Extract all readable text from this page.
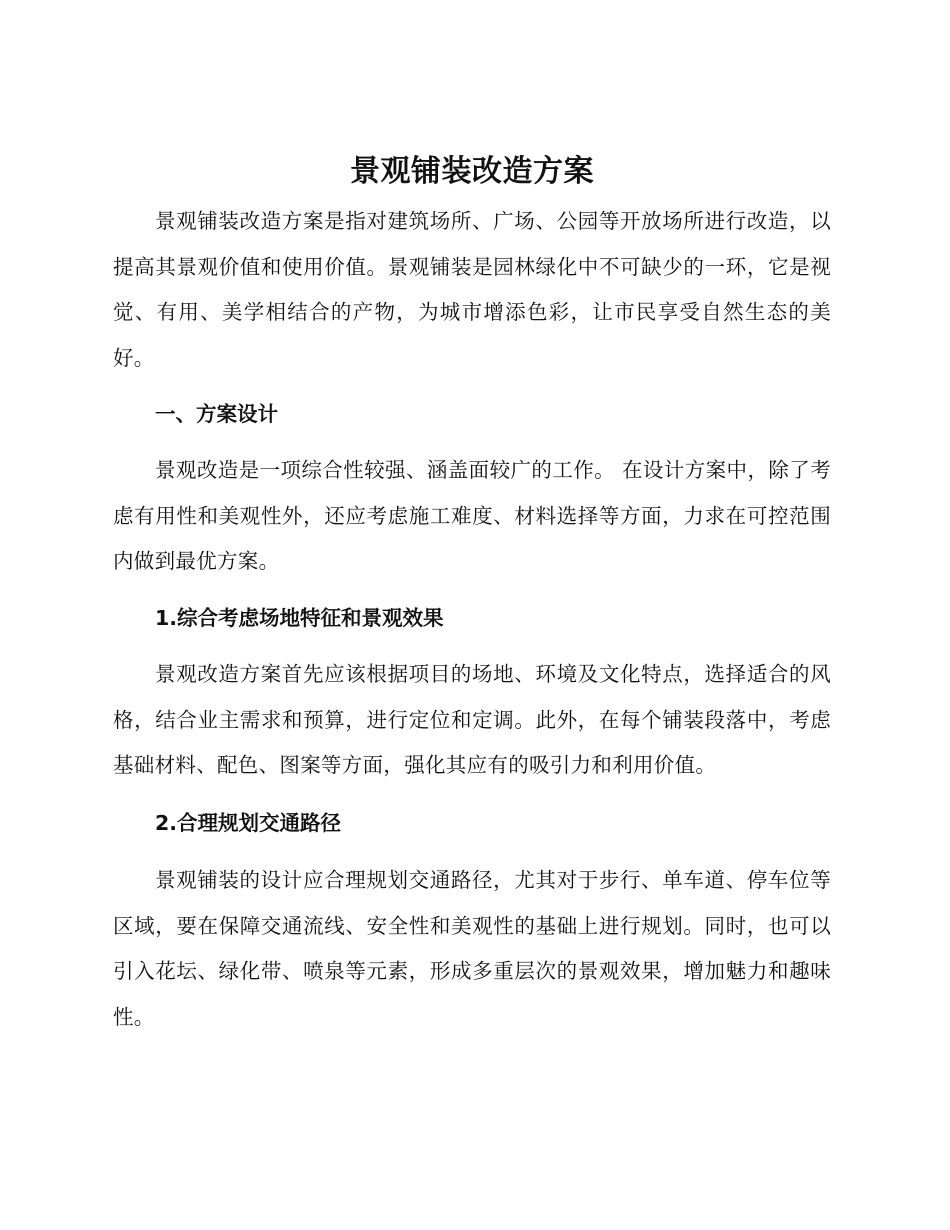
景观铺装改造方案

景观铺装改造方案是指对建筑场所、广场、公园等开放场所进行改造，以提高其景观价值和使用价值。景观铺装是园林绿化中不可缺少的一环，它是视觉、有用、美学相结合的产物，为城市增添色彩，让市民享受自然生态的美好。

一、方案设计

景观改造是一项综合性较强、涵盖面较广的工作。 在设计方案中，除了考虑有用性和美观性外，还应考虑施工难度、材料选择等方面，力求在可控范围内做到最优方案。

1.综合考虑场地特征和景观效果

景观改造方案首先应该根据项目的场地、环境及文化特点，选择适合的风格，结合业主需求和预算，进行定位和定调。此外，在每个铺装段落中，考虑基础材料、配色、图案等方面，强化其应有的吸引力和利用价值。

2.合理规划交通路径

景观铺装的设计应合理规划交通路径，尤其对于步行、单车道、停车位等区域，要在保障交通流线、安全性和美观性的基础上进行规划。同时，也可以引入花坛、绿化带、喷泉等元素，形成多重层次的景观效果，增加魅力和趣味性。
